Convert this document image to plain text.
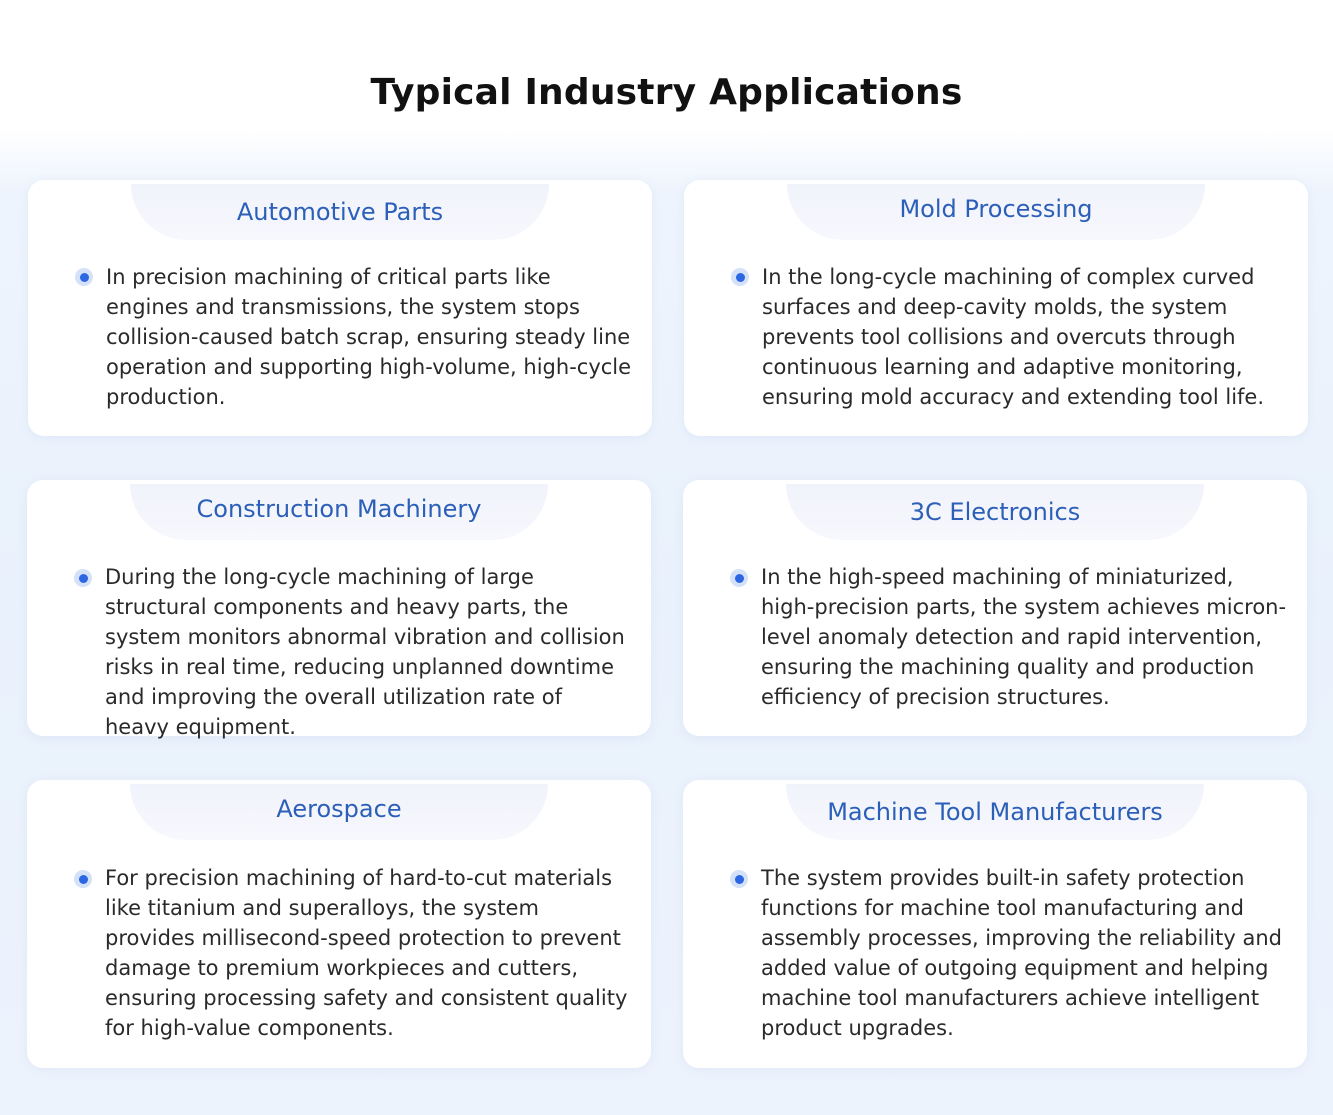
Typical Industry Applications
Automotive Parts
In precision machining of critical parts like engines and transmissions, the system stops collision-caused batch scrap, ensuring steady line operation and supporting high-volume, high-cycle production.
Mold Processing
In the long-cycle machining of complex curved surfaces and deep-cavity molds, the system prevents tool collisions and overcuts through continuous learning and adaptive monitoring, ensuring mold accuracy and extending tool life.
Construction Machinery
During the long-cycle machining of large structural components and heavy parts, the system monitors abnormal vibration and collision risks in real time, reducing unplanned downtime and improving the overall utilization rate of heavy equipment.
3C Electronics
In the high-speed machining of miniaturized, high-precision parts, the system achieves micron-level anomaly detection and rapid intervention, ensuring the machining quality and production efficiency of precision structures.
Aerospace
For precision machining of hard-to-cut materials like titanium and superalloys, the system provides millisecond-speed protection to prevent damage to premium workpieces and cutters, ensuring processing safety and consistent quality for high-value components.
Machine Tool Manufacturers
The system provides built-in safety protection functions for machine tool manufacturing and assembly processes, improving the reliability and added value of outgoing equipment and helping machine tool manufacturers achieve intelligent product upgrades.
